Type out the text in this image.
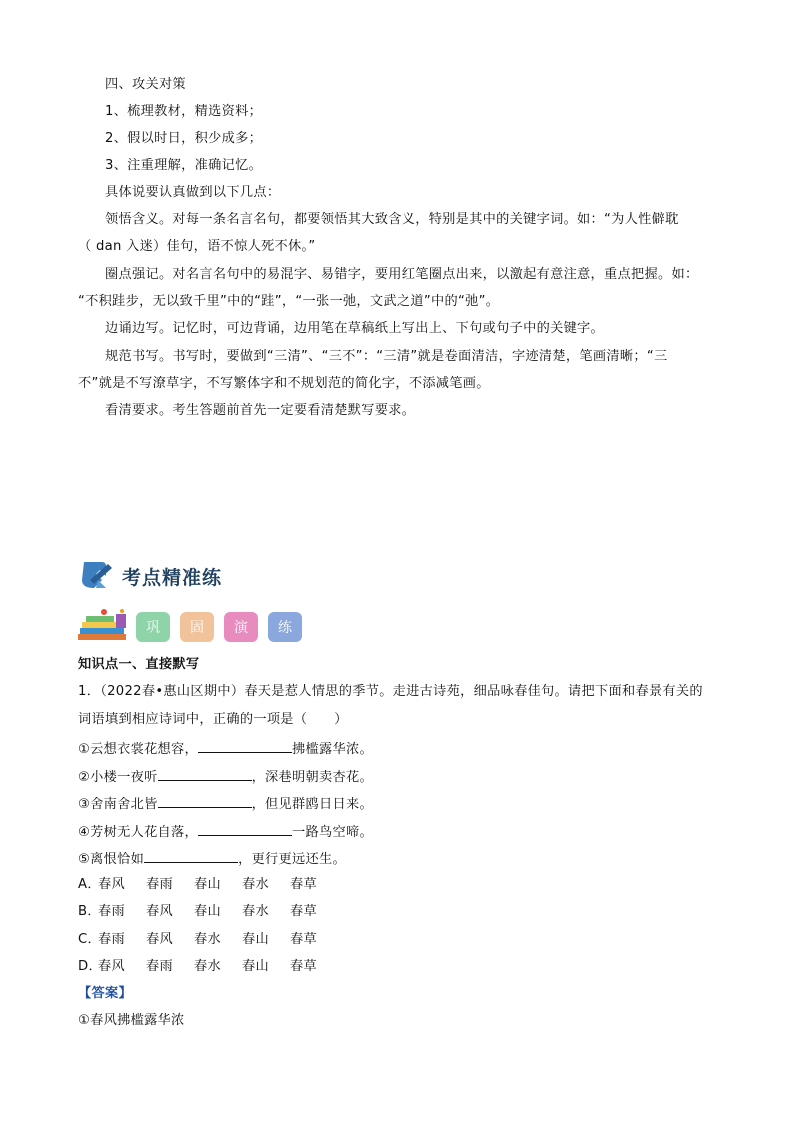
四、攻关对策
1、梳理教材，精选资料；
2、假以时日，积少成多；
3、注重理解，准确记忆。
具体说要认真做到以下几点：
领悟含义。对每一条名言名句，都要领悟其大致含义，特别是其中的关键字词。如：“为人性僻耽
（ dan 入迷）佳句，语不惊人死不休。”
圈点强记。对名言名句中的易混字、易错字，要用红笔圈点出来，以激起有意注意，重点把握。如：
“不积跬步，无以致千里”中的“跬”，“一张一弛，文武之道”中的“弛”。
边诵边写。记忆时，可边背诵，边用笔在草稿纸上写出上、下句或句子中的关键字。
规范书写。书写时，要做到“三清”、“三不”：“三清”就是卷面清洁，字迹清楚，笔画清晰；“三
不”就是不写潦草字，不写繁体字和不规划范的简化字，不添减笔画。
看清要求。考生答题前首先一定要看清楚默写要求。
考点精准练
巩	固	演	练
知识点一、直接默写
1．（2022春•惠山区期中）春天是惹人情思的季节。走进古诗苑，细品咏春佳句。请把下面和春景有关的
词语填到相应诗词中，正确的一项是（　　）
①云想衣裳花想容，	拂槛露华浓。
②小楼一夜听	，深巷明朝卖杏花。
③舍南舍北皆	，但见群鸥日日来。
④芳树无人花自落，	一路鸟空啼。
⑤离恨恰如	，更行更远还生。
A．春风 春雨 春山 春水 春草
B．春雨 春风 春山 春水 春草
C．春雨 春风 春水 春山 春草
D．春风 春雨 春水 春山 春草
【答案】
①春风拂槛露华浓
